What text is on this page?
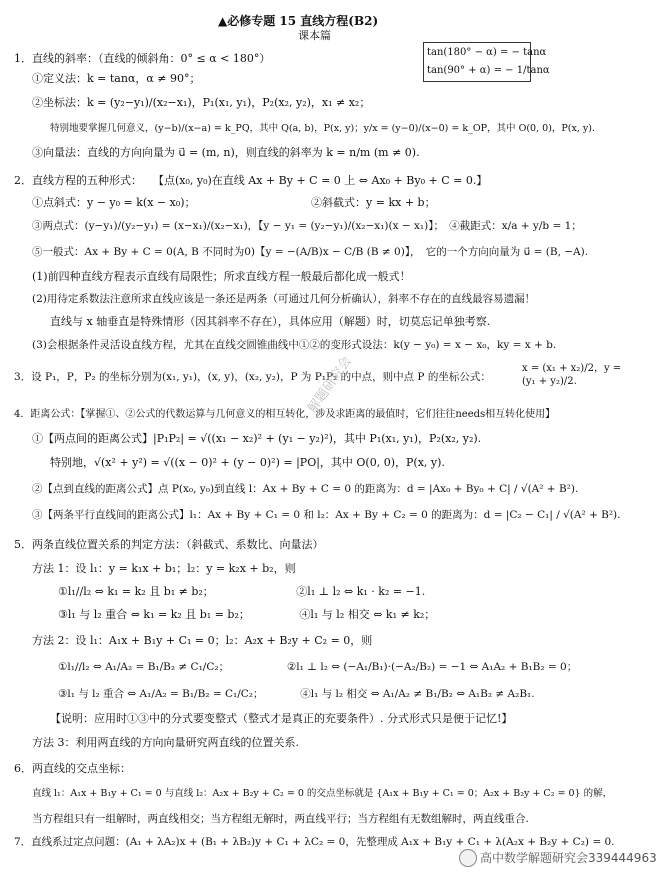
▲必修专题 15 直线方程(B2)
课本篇
tan(180° − α) = − tanα
tan(90° + α) = − 1/tanα
1．直线的斜率：（直线的倾斜角：0° ≤ α < 180°）
①定义法：k = tanα，α ≠ 90°；
②坐标法：k = (y₂−y₁)/(x₂−x₁)，P₁(x₁, y₁)，P₂(x₂, y₂)，x₁ ≠ x₂；
特别地要掌握几何意义，(y−b)/(x−a) = k_PQ，其中 Q(a, b)，P(x, y)；y/x = (y−0)/(x−0) = k_OP，其中 O(0, 0)，P(x, y).
③向量法：直线的方向向量为 u⃗ = (m, n)，则直线的斜率为 k = n/m (m ≠ 0).
2．直线方程的五种形式：　　【点(x₀, y₀)在直线 Ax + By + C = 0 上 ⇔ Ax₀ + By₀ + C = 0.】
①点斜式：y − y₀ = k(x − x₀)；　　　　　　　　　　　②斜截式：y = kx + b；
③两点式：(y−y₁)/(y₂−y₁) = (x−x₁)/(x₂−x₁)，【y − y₁ = (y₂−y₁)/(x₂−x₁)(x − x₁)】；　④截距式：x/a + y/b = 1；
⑤一般式：Ax + By + C = 0(A, B 不同时为0)【y = −(A/B)x − C/B (B ≠ 0)】，　它的一个方向向量为 u⃗ = (B, −A).
(1)前四种直线方程表示直线有局限性；所求直线方程一般最后都化成一般式！
(2)用待定系数法注意所求直线应该是一条还是两条（可通过几何分析确认），斜率不存在的直线最容易遗漏！
直线与 x 轴垂直是特殊情形（因其斜率不存在），具体应用（解题）时，切莫忘记单独考察.
(3)会根据条件灵活设直线方程，尤其在直线交圆锥曲线中①②的变形式设法：k(y − y₀) = x − x₀，ky = x + b.
3．设 P₁，P，P₂ 的坐标分别为(x₁, y₁)，(x, y)，(x₂, y₂)，P 为 P₁P₂ 的中点，则中点 P 的坐标公式：
x = (x₁ + x₂)/2，y = (y₁ + y₂)/2.
4．距离公式：【掌握①、②公式的代数运算与几何意义的相互转化，涉及求距离的最值时，它们往往needs相互转化使用】
①【两点间的距离公式】|P₁P₂| = √((x₁ − x₂)² + (y₁ − y₂)²)，其中 P₁(x₁, y₁)，P₂(x₂, y₂).
特别地，√(x² + y²) = √((x − 0)² + (y − 0)²) = |PO|，其中 O(0, 0)，P(x, y).
②【点到直线的距离公式】点 P(x₀, y₀)到直线 l：Ax + By + C = 0 的距离为：d = |Ax₀ + By₀ + C| / √(A² + B²).
③【两条平行直线间的距离公式】l₁：Ax + By + C₁ = 0 和 l₂：Ax + By + C₂ = 0 的距离为：d = |C₂ − C₁| / √(A² + B²).
5．两条直线位置关系的判定方法：（斜截式、系数比、向量法）
方法 1：设 l₁：y = k₁x + b₁；l₂：y = k₂x + b₂，则
①l₁//l₂ ⇔ k₁ = k₂ 且 b₁ ≠ b₂；　　　　　　　　②l₁ ⊥ l₂ ⇔ k₁ · k₂ = −1.
③l₁ 与 l₂ 重合 ⇔ k₁ = k₂ 且 b₁ = b₂；　　　　　④l₁ 与 l₂ 相交 ⇔ k₁ ≠ k₂；
方法 2：设 l₁：A₁x + B₁y + C₁ = 0；l₂：A₂x + B₂y + C₂ = 0，则
①l₁//l₂ ⇔ A₁/A₂ = B₁/B₂ ≠ C₁/C₂；　　　　　　②l₁ ⊥ l₂ ⇔ (−A₁/B₁)·(−A₂/B₂) = −1 ⇔ A₁A₂ + B₁B₂ = 0；
③l₁ 与 l₂ 重合 ⇔ A₁/A₂ = B₁/B₂ = C₁/C₂；　　　　④l₁ 与 l₂ 相交 ⇔ A₁/A₂ ≠ B₁/B₂ ⇔ A₁B₂ ≠ A₂B₁.
【说明：应用时①③中的分式要变整式（整式才是真正的充要条件）. 分式形式只是便于记忆!】
方法 3：利用两直线的方向向量研究两直线的位置关系.
6．两直线的交点坐标：
直线 l₁：A₁x + B₁y + C₁ = 0 与直线 l₂：A₂x + B₂y + C₂ = 0 的交点坐标就是 {A₁x + B₁y + C₁ = 0；A₂x + B₂y + C₂ = 0} 的解，
当方程组只有一组解时，两直线相交；当方程组无解时，两直线平行；当方程组有无数组解时，两直线重合.
7．直线系过定点问题：(A₁ + λA₂)x + (B₁ + λB₂)y + C₁ + λC₂ = 0，先整理成 A₁x + B₁y + C₁ + λ(A₂x + B₂y + C₂) = 0.
解题研究会
高中数学解题研究会339444963
